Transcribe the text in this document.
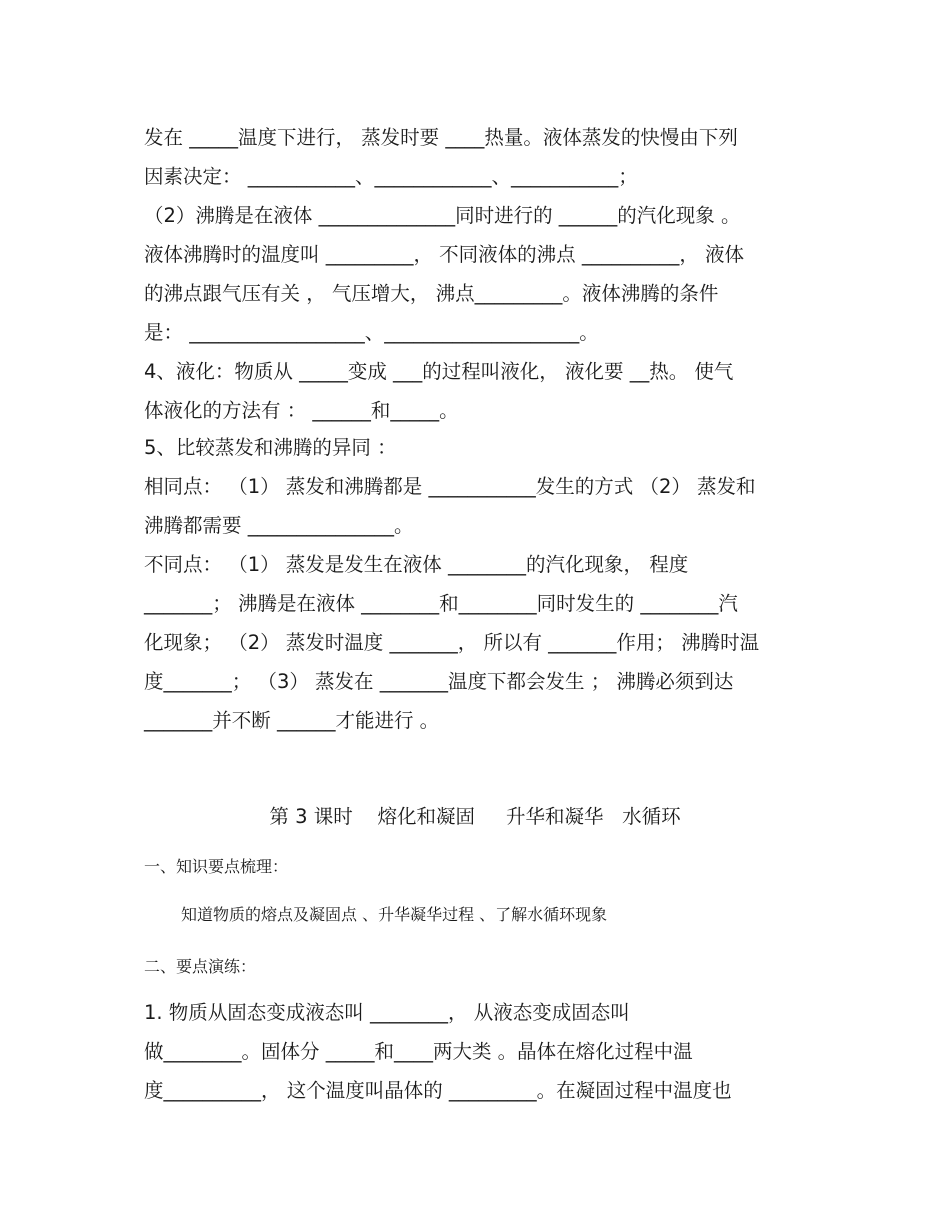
发在 _____温度下进行， 蒸发时要 ____热量。液体蒸发的快慢由下列
因素决定： ___________、____________、___________；
（2）沸腾是在液体 ______________同时进行的 ______的汽化现象 。
液体沸腾时的温度叫 _________， 不同液体的沸点 __________， 液体
的沸点跟气压有关 ， 气压增大， 沸点_________。液体沸腾的条件
是： __________________、____________________。
4、液化：物质从 _____变成 ___的过程叫液化， 液化要 __热。 使气
体液化的方法有 ： ______和_____。
5、比较蒸发和沸腾的异同 ：
相同点： （1） 蒸发和沸腾都是 ___________发生的方式 （2） 蒸发和
沸腾都需要 _______________。
不同点： （1） 蒸发是发生在液体 ________的汽化现象， 程度
_______； 沸腾是在液体 ________和________同时发生的 ________汽
化现象； （2） 蒸发时温度 _______， 所以有 _______作用； 沸腾时温
度_______； （3） 蒸发在 _______温度下都会发生 ； 沸腾必须到达
_______并不断 ______才能进行 。
第 3 课时    熔化和凝固     升华和凝华   水循环
一、知识要点梳理：
知道物质的熔点及凝固点 、升华凝华过程 、了解水循环现象
二、要点演练：
1. 物质从固态变成液态叫 ________， 从液态变成固态叫
做________。固体分 _____和____两大类 。晶体在熔化过程中温
度__________， 这个温度叫晶体的 _________。在凝固过程中温度也
